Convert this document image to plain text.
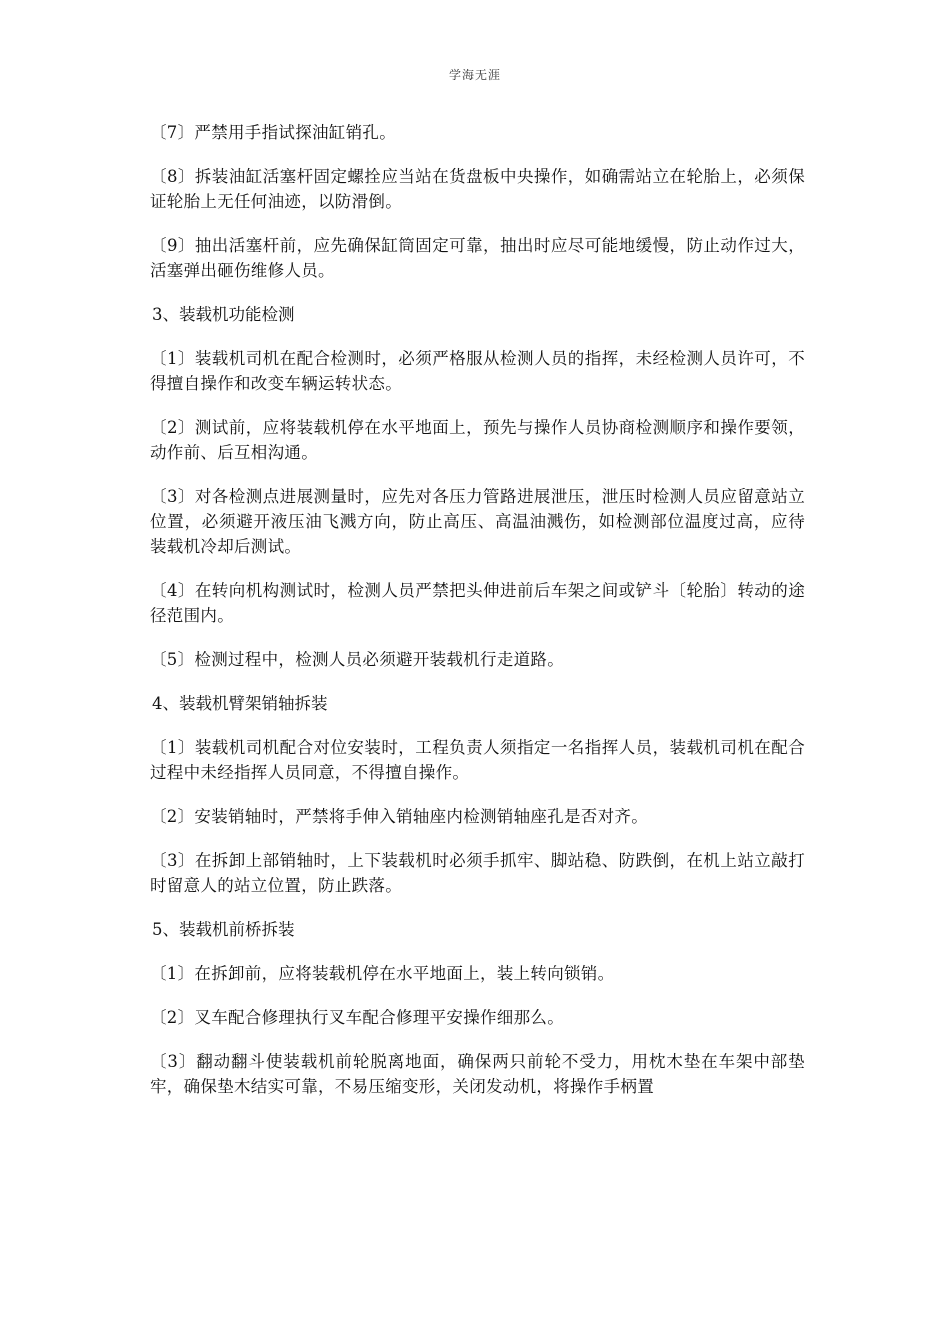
学海无涯

〔7〕严禁用手指试探油缸销孔。

〔8〕拆装油缸活塞杆固定螺拴应当站在货盘板中央操作，如确需站立在轮胎上，必须保证轮胎上无任何油迹，以防滑倒。

〔9〕抽出活塞杆前，应先确保缸筒固定可靠，抽出时应尽可能地缓慢，防止动作过大，活塞弹出砸伤维修人员。

3、装载机功能检测

〔1〕装载机司机在配合检测时，必须严格服从检测人员的指挥，未经检测人员许可，不得擅自操作和改变车辆运转状态。

〔2〕测试前，应将装载机停在水平地面上，预先与操作人员协商检测顺序和操作要领，动作前、后互相沟通。

〔3〕对各检测点进展测量时，应先对各压力管路进展泄压，泄压时检测人员应留意站立位置，必须避开液压油飞溅方向，防止高压、高温油溅伤，如检测部位温度过高，应待装载机冷却后测试。

〔4〕在转向机构测试时，检测人员严禁把头伸进前后车架之间或铲斗〔轮胎〕转动的途径范围内。

〔5〕检测过程中，检测人员必须避开装载机行走道路。

4、装载机臂架销轴拆装

〔1〕装载机司机配合对位安装时，工程负责人须指定一名指挥人员，装载机司机在配合过程中未经指挥人员同意，不得擅自操作。

〔2〕安装销轴时，严禁将手伸入销轴座内检测销轴座孔是否对齐。

〔3〕在拆卸上部销轴时，上下装载机时必须手抓牢、脚站稳、防跌倒，在机上站立敲打时留意人的站立位置，防止跌落。

5、装载机前桥拆装

〔1〕在拆卸前，应将装载机停在水平地面上，装上转向锁销。

〔2〕叉车配合修理执行叉车配合修理平安操作细那么。

〔3〕翻动翻斗使装载机前轮脱离地面，确保两只前轮不受力，用枕木垫在车架中部垫牢，确保垫木结实可靠，不易压缩变形，关闭发动机，将操作手柄置
